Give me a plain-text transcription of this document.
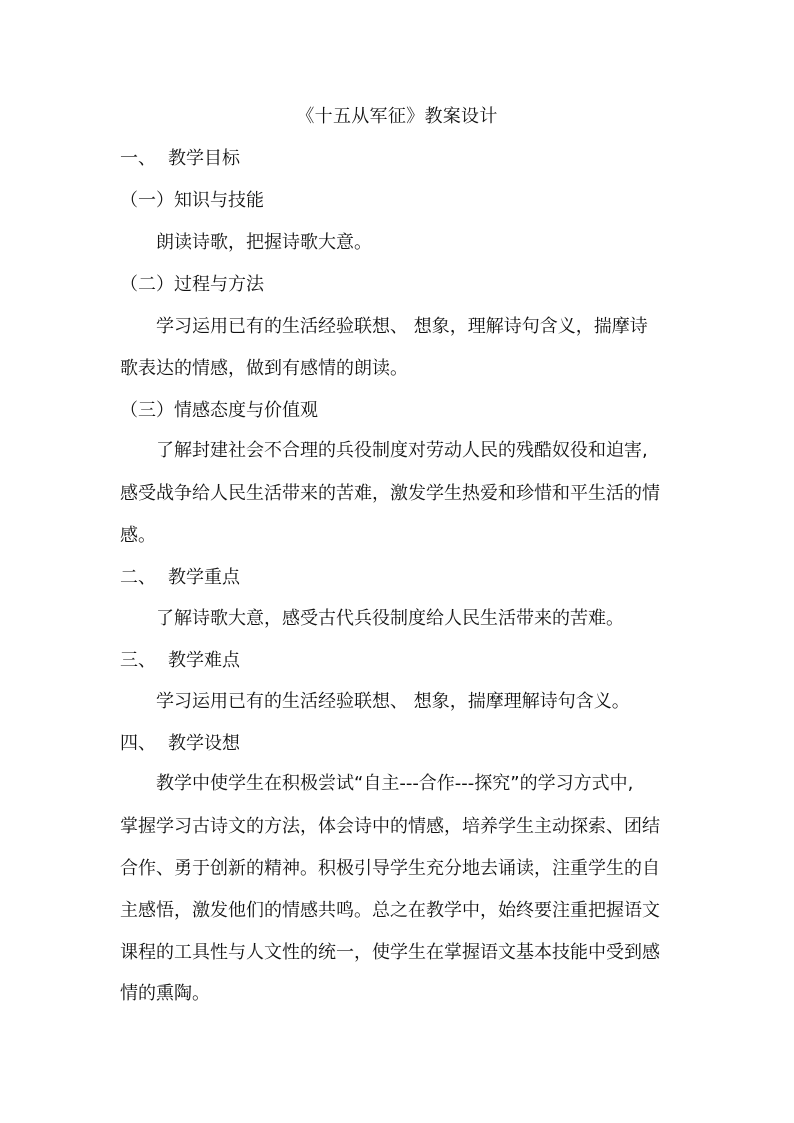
《十五从军征》教案设计
一、 教学目标
（一）知识与技能
朗读诗歌，把握诗歌大意。
（二）过程与方法
学习运用已有的生活经验联想、 想象，理解诗句含义，揣摩诗
歌表达的情感，做到有感情的朗读。
（三）情感态度与价值观
了解封建社会不合理的兵役制度对劳动人民的残酷奴役和迫害,
感受战争给人民生活带来的苦难，激发学生热爱和珍惜和平生活的情
感。
二、 教学重点
了解诗歌大意，感受古代兵役制度给人民生活带来的苦难。
三、 教学难点
学习运用已有的生活经验联想、 想象，揣摩理解诗句含义。
四、 教学设想
教学中使学生在积极尝试“自主---合作---探究”的学习方式中,
掌握学习古诗文的方法，体会诗中的情感，培养学生主动探索、团结
合作、勇于创新的精神。积极引导学生充分地去诵读，注重学生的自
主感悟，激发他们的情感共鸣。总之在教学中，始终要注重把握语文
课程的工具性与人文性的统一，使学生在掌握语文基本技能中受到感
情的熏陶。
